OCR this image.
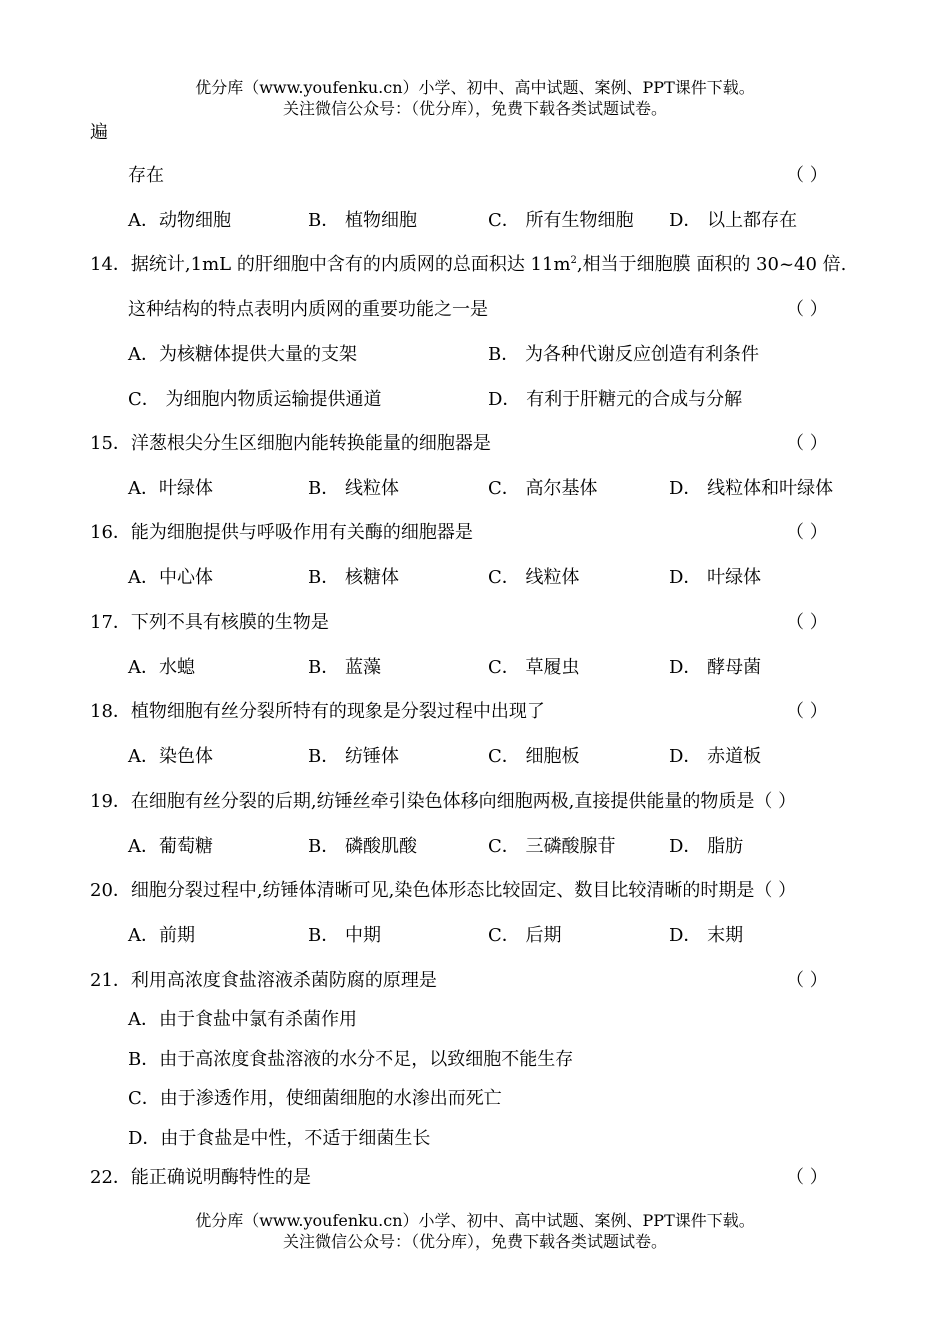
优分库（www.youfenku.cn）小学、初中、高中试题、案例、PPT课件下载。
关注微信公众号：（优分库），免费下载各类试题试卷。
遍
存在	（ ）
A．动物细胞	B． 植物细胞	C． 所有生物细胞 D． 以上都存在
14．据统计,1mL 的肝细胞中含有的内质网的总面积达 $11m^2$,相当于细胞膜 面积的 30~40 倍.
这种结构的特点表明内质网的重要功能之一是	（ ）
A．为核糖体提供大量的支架	B． 为各种代谢反应创造有利条件
C． 为细胞内物质运输提供通道	D． 有利于肝糖元的合成与分解
15．洋葱根尖分生区细胞内能转换能量的细胞器是	（ ）
A．叶绿体	B． 线粒体	C． 高尔基体	D． 线粒体和叶绿体
16．能为细胞提供与呼吸作用有关酶的细胞器是	（ ）
A．中心体	B． 核糖体	C． 线粒体	D． 叶绿体
17．下列不具有核膜的生物是	（ ）
A．水螅	B． 蓝藻	C． 草履虫	D． 酵母菌
18．植物细胞有丝分裂所特有的现象是分裂过程中出现了	（ ）
A．染色体	B． 纺锤体	C． 细胞板	D． 赤道板
19．在细胞有丝分裂的后期,纺锤丝牵引染色体移向细胞两极,直接提供能量的物质是（ ）
A．葡萄糖	B． 磷酸肌酸	C． 三磷酸腺苷	D． 脂肪
20．细胞分裂过程中,纺锤体清晰可见,染色体形态比较固定、数目比较清晰的时期是（ ）
A．前期	B． 中期	C． 后期	D． 末期
21．利用高浓度食盐溶液杀菌防腐的原理是	（ ）
A．由于食盐中氯有杀菌作用
B．由于高浓度食盐溶液的水分不足，以致细胞不能生存
C．由于渗透作用，使细菌细胞的水渗出而死亡
D．由于食盐是中性，不适于细菌生长
22．能正确说明酶特性的是	（ ）
优分库（www.youfenku.cn）小学、初中、高中试题、案例、PPT课件下载。
关注微信公众号：（优分库），免费下载各类试题试卷。
